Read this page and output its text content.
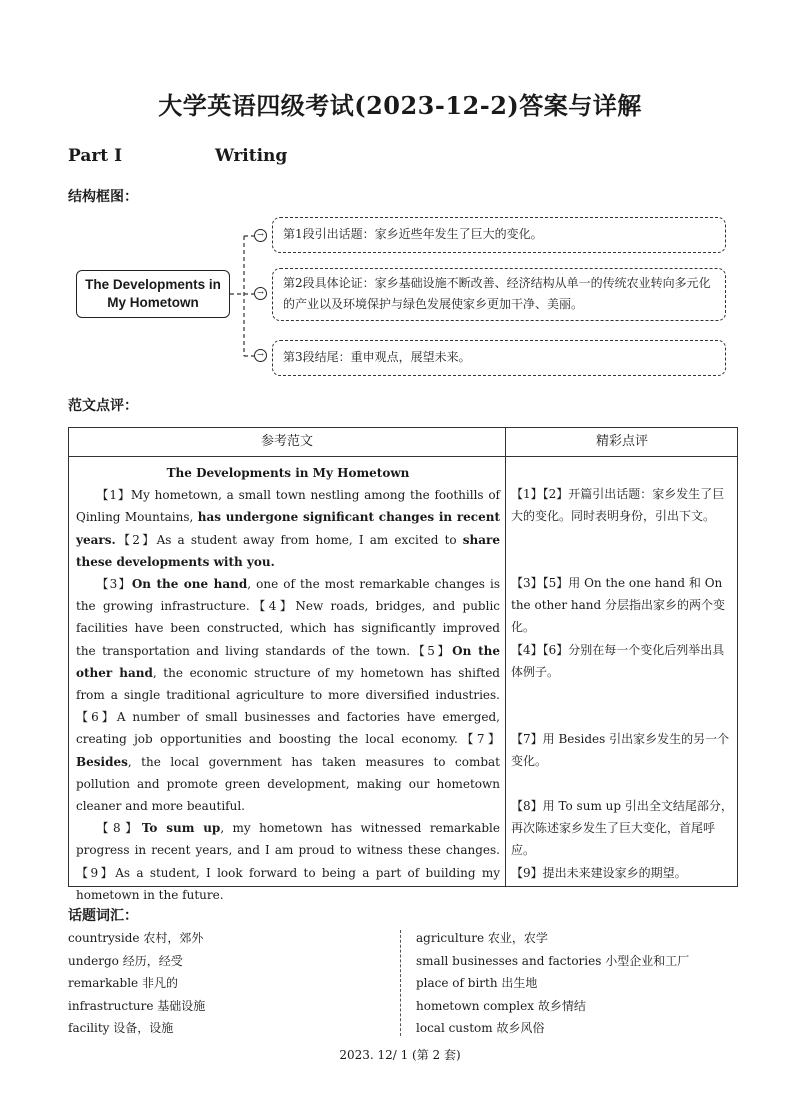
大学英语四级考试(2023-12-2)答案与详解
Part Ⅰ	Writing
结构框图：
The Developments in
My Hometown
→
→
→
第1段引出话题：家乡近些年发生了巨大的变化。
第2段具体论证：家乡基础设施不断改善、经济结构从单一的传统农业转向多元化的产业以及环境保护与绿色发展使家乡更加干净、美丽。
第3段结尾：重申观点，展望未来。
范文点评：
参考范文	精彩点评

The Developments in My Hometown

【1】My hometown, a small town nestling among the foothills of Qinling Mountains, has undergone significant changes in recent years.【2】As a student away from home, I am excited to share these developments with you.

【3】On the one hand, one of the most remarkable changes is the growing infrastructure.【4】New roads, bridges, and public facilities have been constructed, which has significantly improved the transportation and living standards of the town.【5】On the other hand, the economic structure of my hometown has shifted from a single traditional agriculture to more diversified industries.【6】A number of small businesses and factories have emerged, creating job opportunities and boosting the local economy.【7】Besides, the local government has taken measures to combat pollution and promote green development, making our hometown cleaner and more beautiful.

【8】To sum up, my hometown has witnessed remarkable progress in recent years, and I am proud to witness these changes.【9】As a student, I look forward to being a part of building my hometown in the future.

【1】【2】开篇引出话题：家乡发生了巨大的变化。同时表明身份，引出下文。
【3】【5】用 On the one hand 和 On the other hand 分层指出家乡的两个变化。
【4】【6】分别在每一个变化后列举出具体例子。
【7】用 Besides 引出家乡发生的另一个变化。
【8】用 To sum up 引出全文结尾部分，再次陈述家乡发生了巨大变化，首尾呼应。
【9】提出未来建设家乡的期望。
话题词汇：
countryside 农村，郊外
undergo 经历，经受
remarkable 非凡的
infrastructure 基础设施
facility 设备，设施
agriculture 农业，农学
small businesses and factories 小型企业和工厂
place of birth 出生地
hometown complex 故乡情结
local custom 故乡风俗
2023. 12/ 1 (第 2 套)
